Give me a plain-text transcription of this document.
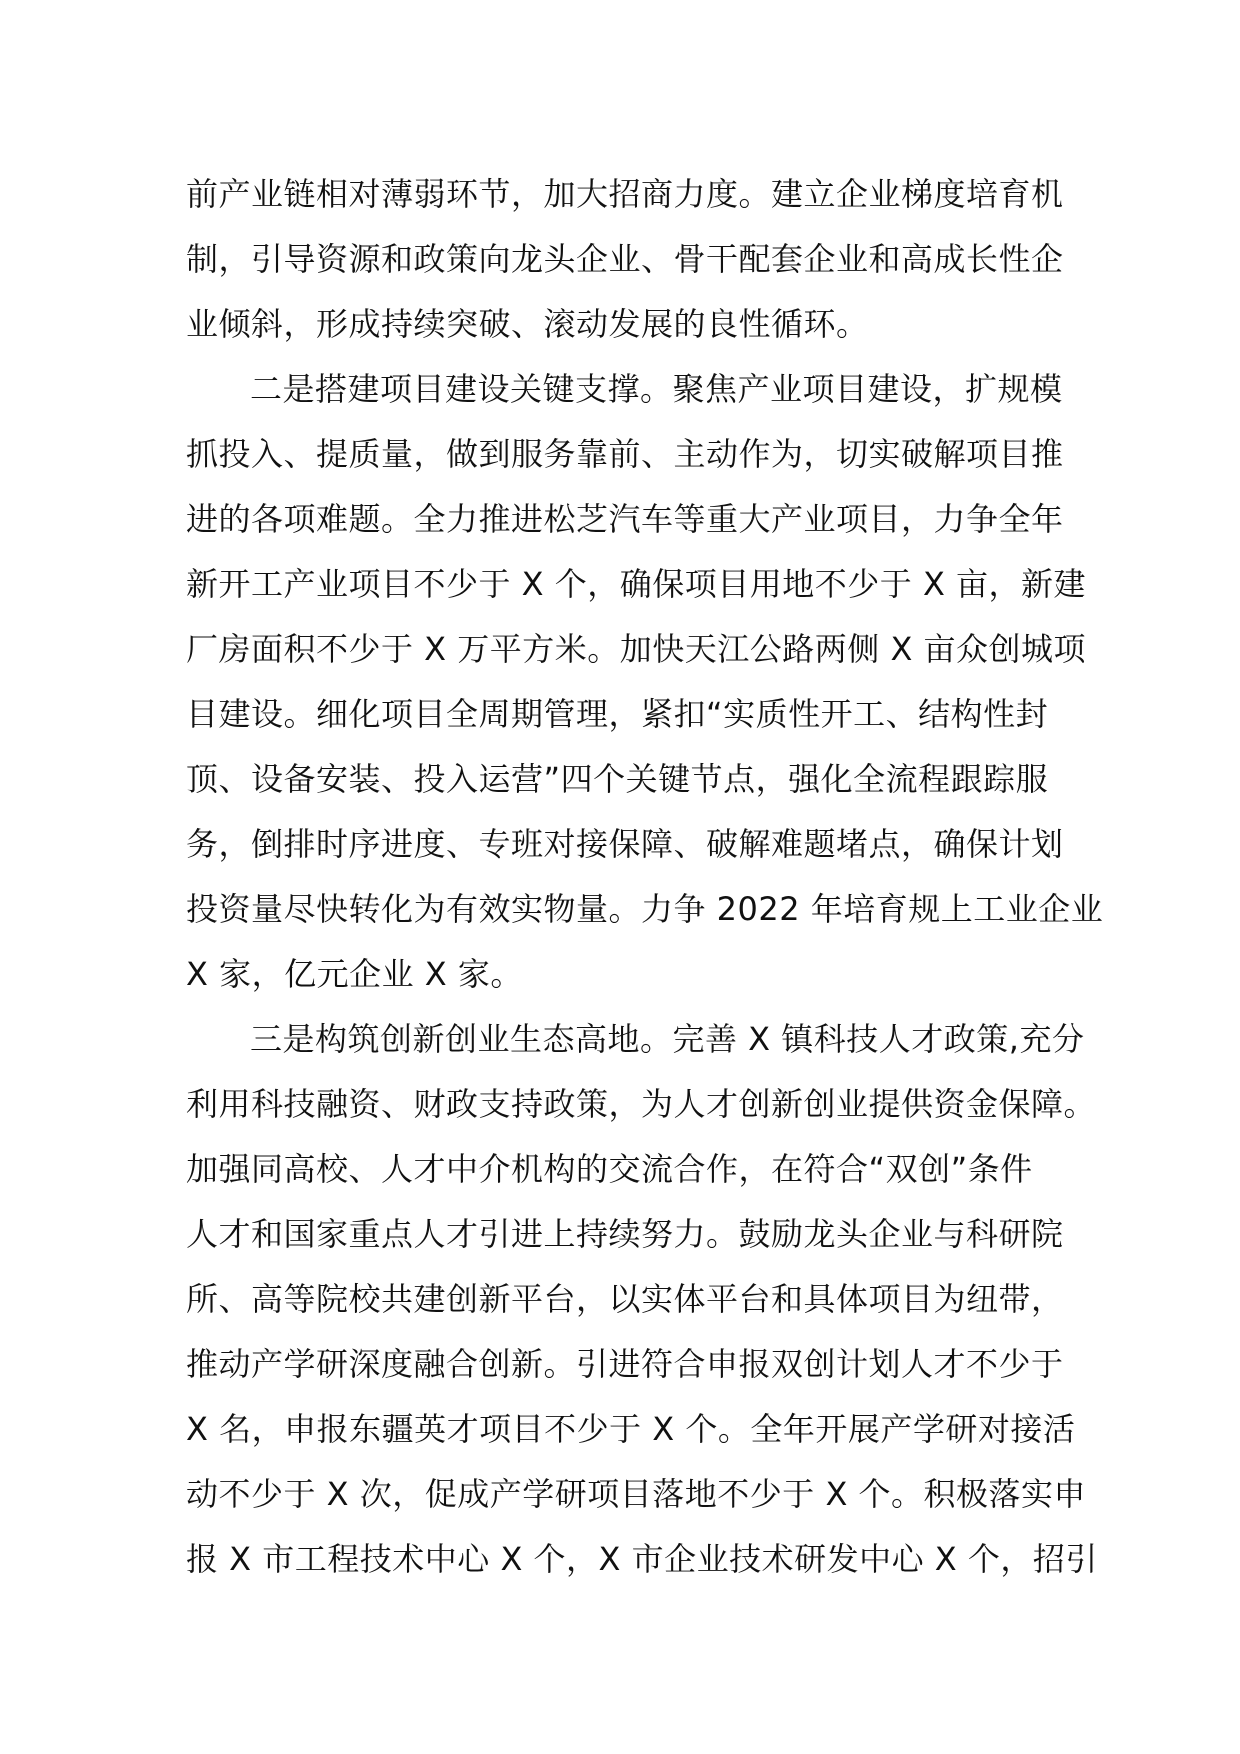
前产业链相对薄弱环节，加大招商力度。建立企业梯度培育机
制，引导资源和政策向龙头企业、骨干配套企业和高成长性企
业倾斜，形成持续突破、滚动发展的良性循环。
二是搭建项目建设关键支撑。聚焦产业项目建设，扩规模
抓投入、提质量，做到服务靠前、主动作为，切实破解项目推
进的各项难题。全力推进松芝汽车等重大产业项目，力争全年
新开工产业项目不少于 X 个，确保项目用地不少于 X 亩，新建
厂房面积不少于 X 万平方米。加快天江公路两侧 X 亩众创城项
目建设。细化项目全周期管理，紧扣“实质性开工、结构性封
顶、设备安装、投入运营”四个关键节点，强化全流程跟踪服
务，倒排时序进度、专班对接保障、破解难题堵点，确保计划
投资量尽快转化为有效实物量。力争 2022 年培育规上工业企业
X 家，亿元企业 X 家。
三是构筑创新创业生态高地。完善 X 镇科技人才政策,充分
利用科技融资、财政支持政策，为人才创新创业提供资金保障。
加强同高校、人才中介机构的交流合作，在符合“双创”条件
人才和国家重点人才引进上持续努力。鼓励龙头企业与科研院
所、高等院校共建创新平台，以实体平台和具体项目为纽带，
推动产学研深度融合创新。引进符合申报双创计划人才不少于
X 名，申报东疆英才项目不少于 X 个。全年开展产学研对接活
动不少于 X 次，促成产学研项目落地不少于 X 个。积极落实申
报 X 市工程技术中心 X 个，X 市企业技术研发中心 X 个，招引
